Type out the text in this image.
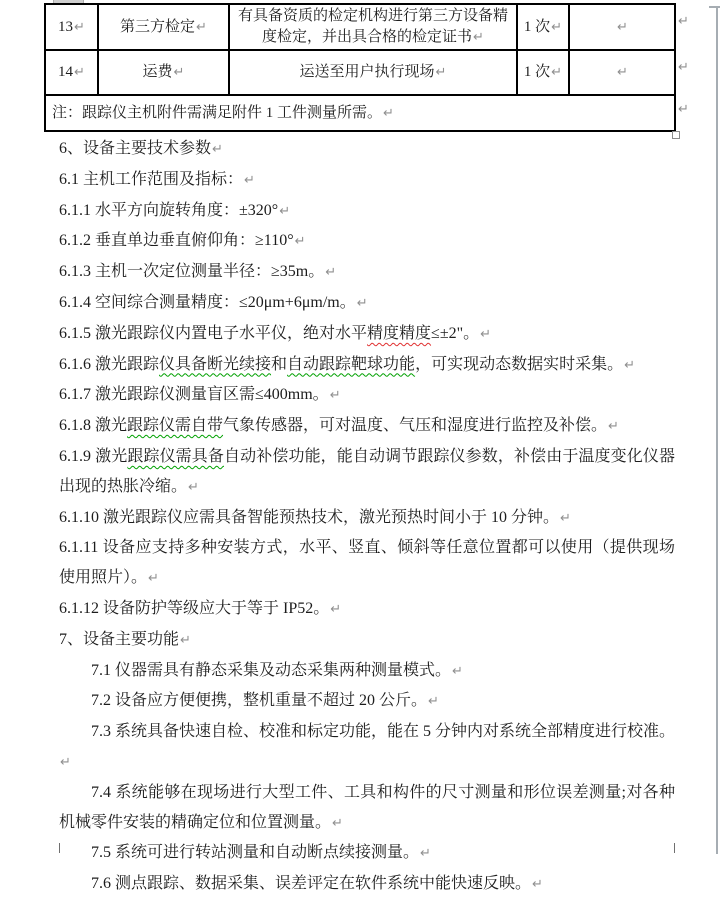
13↵	第三方检定↵	有具备资质的检定机构进行第三方设备精度检定，并出具合格的检定证书↵	1 次↵	↵
14↵	运费↵	运送至用户执行现场↵	1 次↵	↵
注：跟踪仪主机附件需满足附件 1 工件测量所需。↵				
↵
↵
↵

6、设备主要技术参数↵

6.1 主机工作范围及指标：↵

6.1.1 水平方向旋转角度：±320°↵

6.1.2 垂直单边垂直俯仰角：≥110°↵

6.1.3 主机一次定位测量半径：≥35m。↵

6.1.4 空间综合测量精度：≤20μm+6μm/m。↵

6.1.5 激光跟踪仪内置电子水平仪，绝对水平精度精度≤±2"。↵

6.1.6 激光跟踪仪具备断光续接和自动跟踪靶球功能，可实现动态数据实时采集。↵

6.1.7 激光跟踪仪测量盲区需≤400mm。↵

6.1.8 激光跟踪仪需自带气象传感器，可对温度、气压和湿度进行监控及补偿。↵

6.1.9 激光跟踪仪需具备自动补偿功能，能自动调节跟踪仪参数，补偿由于温度变化仪器出现的热胀冷缩。↵

6.1.10 激光跟踪仪应需具备智能预热技术，激光预热时间小于 10 分钟。↵

6.1.11 设备应支持多种安装方式，水平、竖直、倾斜等任意位置都可以使用（提供现场使用照片）。↵

6.1.12 设备防护等级应大于等于 IP52。↵

7、设备主要功能↵

7.1 仪器需具有静态采集及动态采集两种测量模式。↵

7.2 设备应方便便携，整机重量不超过 20 公斤。↵

7.3 系统具备快速自检、校准和标定功能，能在 5 分钟内对系统全部精度进行校准。↵

7.4 系统能够在现场进行大型工件、工具和构件的尺寸测量和形位误差测量;对各种机械零件安装的精确定位和位置测量。↵

7.5 系统可进行转站测量和自动断点续接测量。↵

7.6 测点跟踪、数据采集、误差评定在软件系统中能快速反映。↵
